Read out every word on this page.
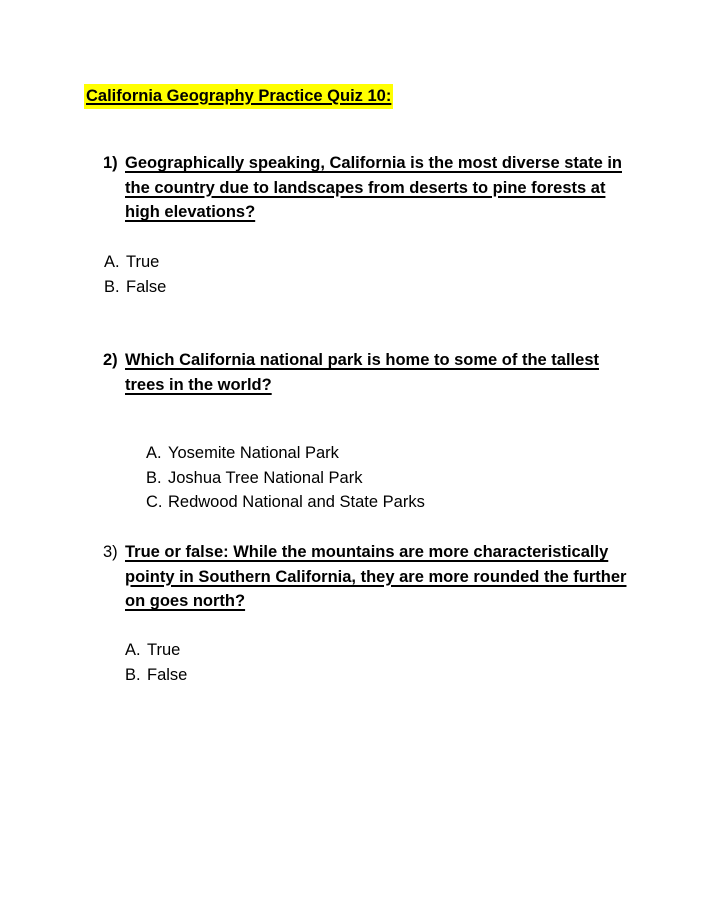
California Geography Practice Quiz 10:
1) Geographically speaking, California is the most diverse state in the country due to landscapes from deserts to pine forests at high elevations?
A. True
B. False
2) Which California national park is home to some of the tallest trees in the world?
A. Yosemite National Park
B. Joshua Tree National Park
C. Redwood National and State Parks
3) True or false: While the mountains are more characteristically pointy in Southern California, they are more rounded the further on goes north?
A. True
B. False
